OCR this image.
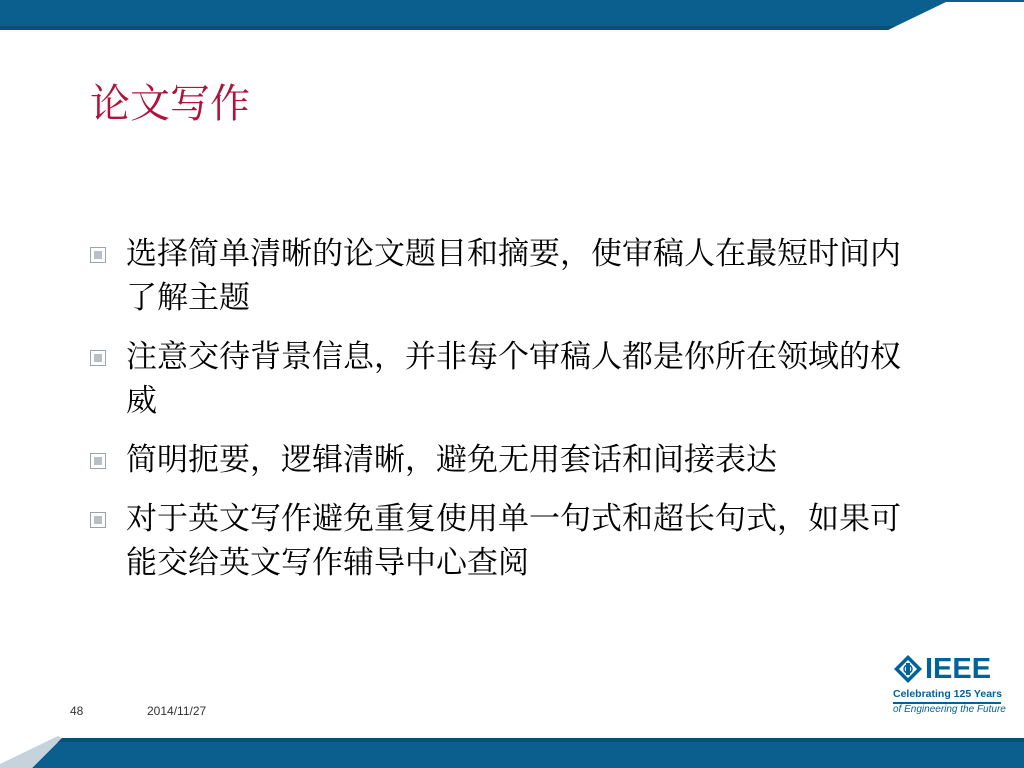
论文写作
选择简单清晰的论文题目和摘要，使审稿人在最短时间内了解主题
注意交待背景信息，并非每个审稿人都是你所在领域的权威
简明扼要，逻辑清晰，避免无用套话和间接表达
对于英文写作避免重复使用单一句式和超长句式，如果可能交给英文写作辅导中心查阅
48	2014/11/27
IEEE
Celebrating 125 Years
of Engineering the Future
